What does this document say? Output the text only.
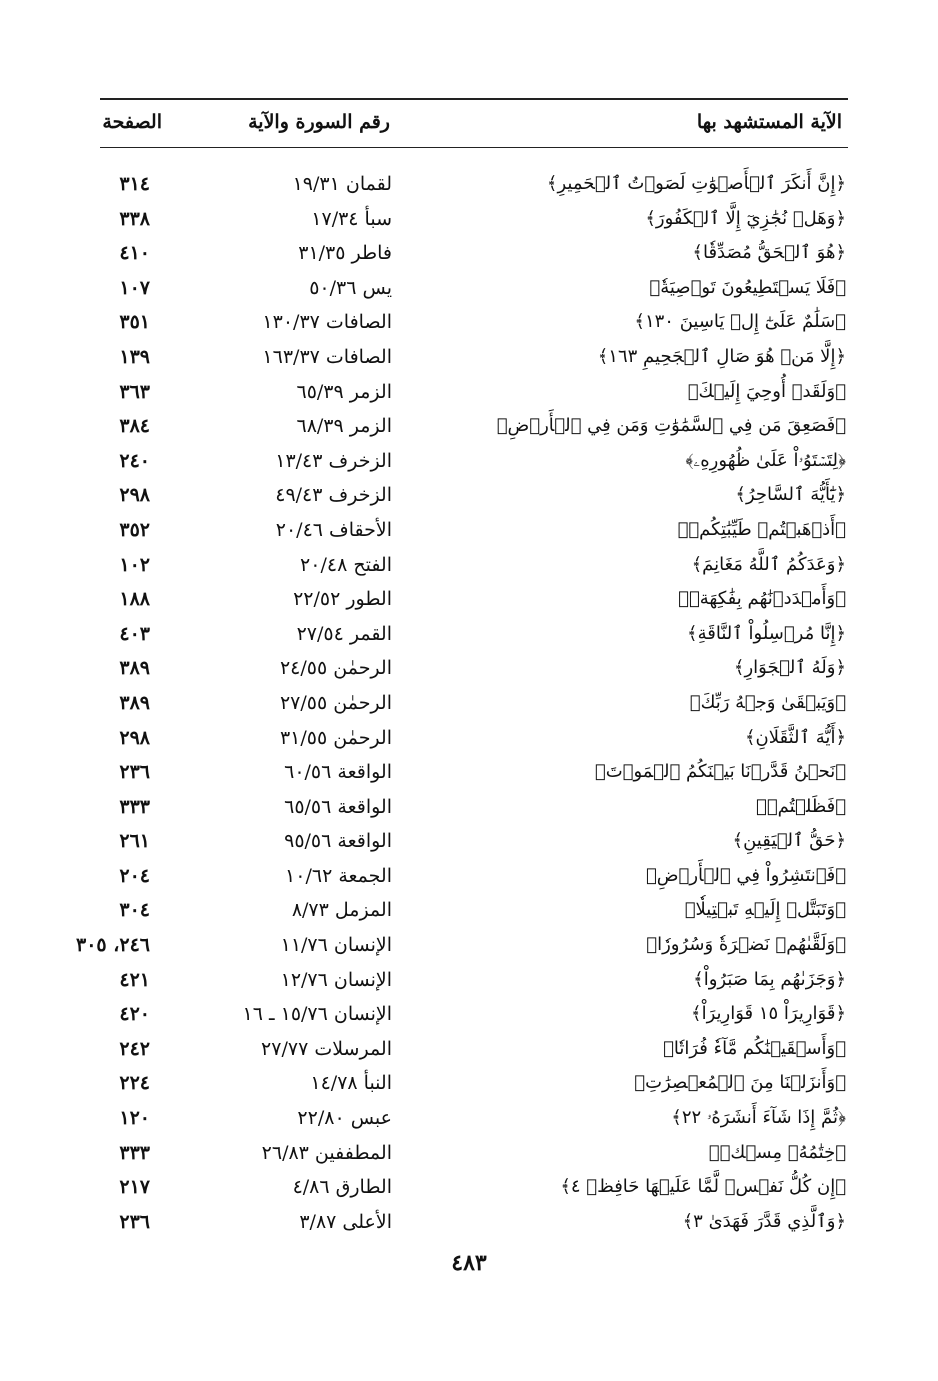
الآية المستشهد بها
رقم السورة والآية
الصفحة
﴿إِنَّ أَنكَرَ ٱلۡأَصۡوَٰتِ لَصَوۡتُ ٱلۡحَمِيرِ﴾
لقمان ١٩/٣١
٣١٤
﴿وَهَلۡ نُجَٰزِيٓ إِلَّا ٱلۡكَفُورَ﴾
سبأ ١٧/٣٤
٣٣٨
﴿هُوَ ٱلۡحَقُّ مُصَدِّقٗا﴾
فاطر ٣١/٣٥
٤١٠
﴿فَلَا يَسۡتَطِيعُونَ تَوۡصِيَةٗ﴾
يس ٥٠/٣٦
١٠٧
﴿سَلَٰمٌ عَلَىٰٓ إِلۡ يَاسِينَ ١٣٠﴾
الصافات ١٣٠/٣٧
٣٥١
﴿إِلَّا مَنۡ هُوَ صَالِ ٱلۡجَحِيمِ ١٦٣﴾
الصافات ١٦٣/٣٧
١٣٩
﴿وَلَقَدۡ أُوحِيَ إِلَيۡكَ﴾
الزمر ٦٥/٣٩
٣٦٣
﴿فَصَعِقَ مَن فِي ٱلسَّمَٰوَٰتِ وَمَن فِي ٱلۡأَرۡضِ﴾
الزمر ٦٨/٣٩
٣٨٤
﴿لِتَسۡتَوُۥاْ عَلَىٰ ظُهُورِهِۦ﴾
الزخرف ١٣/٤٣
٢٤٠
﴿يَٰٓأَيُّهَ ٱلسَّاحِرُ﴾
الزخرف ٤٩/٤٣
٢٩٨
﴿أَذۡهَبۡتُمۡ طَيِّبَٰتِكُمۡ﴾
الأحقاف ٢٠/٤٦
٣٥٢
﴿وَعَدَكُمُ ٱللَّهُ مَغَانِمَ﴾
الفتح ٢٠/٤٨
١٠٢
﴿وَأَمۡدَدۡنَٰهُم بِفَٰكِهَةٖ﴾
الطور ٢٢/٥٢
١٨٨
﴿إِنَّا مُرۡسِلُواْ ٱلنَّاقَةِ﴾
القمر ٢٧/٥٤
٤٠٣
﴿وَلَهُ ٱلۡجَوَارِ﴾
الرحمٰن ٢٤/٥٥
٣٨٩
﴿وَيَبۡقَىٰ وَجۡهُ رَبِّكَ﴾
الرحمٰن ٢٧/٥٥
٣٨٩
﴿أَيُّهَ ٱلثَّقَلَانِ﴾
الرحمٰن ٣١/٥٥
٢٩٨
﴿نَحۡنُ قَدَّرۡنَا بَيۡنَكُمُ ٱلۡمَوۡتَ﴾
الواقعة ٦٠/٥٦
٢٣٦
﴿فَظَلۡتُمۡ﴾
الواقعة ٦٥/٥٦
٣٣٣
﴿حَقُّ ٱلۡيَقِينِ﴾
الواقعة ٩٥/٥٦
٢٦١
﴿فَٱنتَشِرُواْ فِي ٱلۡأَرۡضِ﴾
الجمعة ١٠/٦٢
٢٠٤
﴿وَتَبَتَّلۡ إِلَيۡهِ تَبۡتِيلٗا﴾
المزمل ٨/٧٣
٣٠٤
﴿وَلَقَّىٰهُمۡ نَضۡرَةٗ وَسُرُورٗا﴾
الإنسان ١١/٧٦
٢٤٦، ٣٠٥
﴿وَجَزَىٰهُم بِمَا صَبَرُواْ﴾
الإنسان ١٢/٧٦
٤٢١
﴿قَوَارِيرَاْ ١٥ قَوَارِيرَاْ﴾
الإنسان ١٥/٧٦ ـ ١٦
٤٢٠
﴿وَأَسۡقَيۡنَٰكُم مَّآءٗ فُرَاتٗا﴾
المرسلات ٢٧/٧٧
٢٤٢
﴿وَأَنزَلۡنَا مِنَ ٱلۡمُعۡصِرَٰتِ﴾
النبأ ١٤/٧٨
٢٢٤
﴿ثُمَّ إِذَا شَآءَ أَنشَرَهُۥ ٢٢﴾
عبس ٢٢/٨٠
١٢٠
﴿خِتَٰمُهُۥ مِسۡكٞ﴾
المطففين ٢٦/٨٣
٣٣٣
﴿إِن كُلُّ نَفۡسٖ لَّمَّا عَلَيۡهَا حَافِظٞ ٤﴾
الطارق ٤/٨٦
٢١٧
﴿وَٱلَّذِي قَدَّرَ فَهَدَىٰ ٣﴾
الأعلى ٣/٨٧
٢٣٦
٤٨٣
